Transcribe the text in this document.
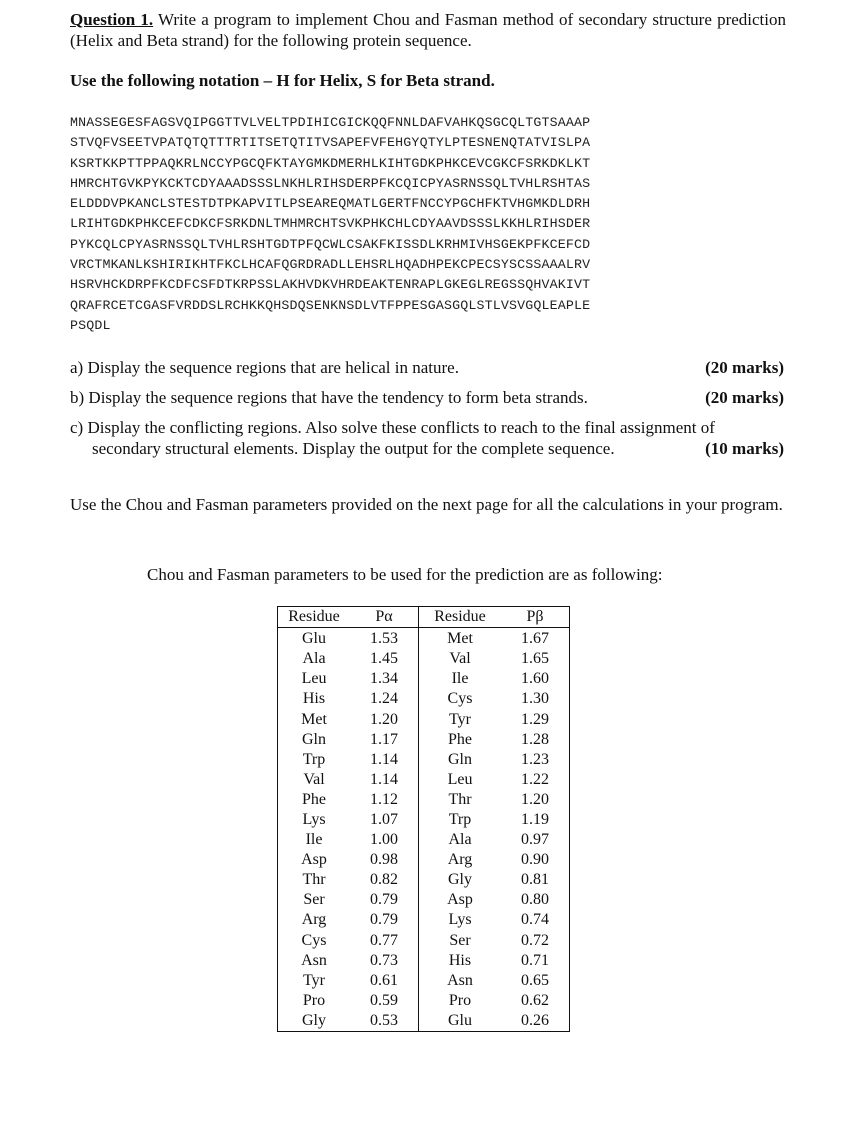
Question 1. Write a program to implement Chou and Fasman method of secondary structure prediction (Helix and Beta strand) for the following protein sequence.
Use the following notation – H for Helix, S for Beta strand.
MNASSEGESFAGSVQIPGGTTVLVELTPDIHICGICKQQFNNLDAFVAHKQSGCQLTGTSAAAP
STVQFVSEETVPATQTQTTTRTITSETQTITVSAPEFVFEHGYQTYLPTESNENQTATVISLPA
KSRTKKPTTPPAQKRLNCCYPGCQFKTAYGMKDMERHLKIHTGDKPHKCEVCGKCFSRKDKLKT
HMRCHTGVKPYKCKTCDYAAADSSSLNKHLRIHSDERPFKCQICPYASRNSSQLTVHLRSHTAS
ELDDDVPKANCLSTESTDTPKAPVITLPSEAREQMATLGERTFNCCYPGCHFKTVHGMKDLDRH
LRIHTGDKPHKCEFCDKCFSRKDNLTMHMRCHTSVKPHKCHLCDYAAVDSSSLKKHLRIHSDER
PYKCQLCPYASRNSSQLTVHLRSHTGDTPFQCWLCSAKFKISSDLKRHMIVHSGEKPFKCEFCD
VRCTMKANLKSHIRIKHTFKCLHCAFQGRDRADLLEHSRLHQADHPEKCPECSYSCSSAAALRV
HSRVHCKDRPFKCDFCSFDTKRPSSLAKHVDKVHRDEAKTENRAPLGKEGLREGSSQHVAKIVT
QRAFRCETCGASFVRDDSLRCHKKQHSDQSENKNSDLVTFPPESGASGQLSTLVSVGQLEAPLE
PSQDL
a) Display the sequence regions that are helical in nature.	(20 marks)
b) Display the sequence regions that have the tendency to form beta strands.	(20 marks)
c) Display the conflicting regions. Also solve these conflicts to reach to the final assignment of
secondary structural elements. Display the output for the complete sequence.	(10 marks)
Use the Chou and Fasman parameters provided on the next page for all the calculations in your program.
Chou and Fasman parameters to be used for the prediction are as following:
Residue	Pα	Residue	Pβ
Glu	1.53	Met	1.67
Ala	1.45	Val	1.65
Leu	1.34	Ile	1.60
His	1.24	Cys	1.30
Met	1.20	Tyr	1.29
Gln	1.17	Phe	1.28
Trp	1.14	Gln	1.23
Val	1.14	Leu	1.22
Phe	1.12	Thr	1.20
Lys	1.07	Trp	1.19
Ile	1.00	Ala	0.97
Asp	0.98	Arg	0.90
Thr	0.82	Gly	0.81
Ser	0.79	Asp	0.80
Arg	0.79	Lys	0.74
Cys	0.77	Ser	0.72
Asn	0.73	His	0.71
Tyr	0.61	Asn	0.65
Pro	0.59	Pro	0.62
Gly	0.53	Glu	0.26
